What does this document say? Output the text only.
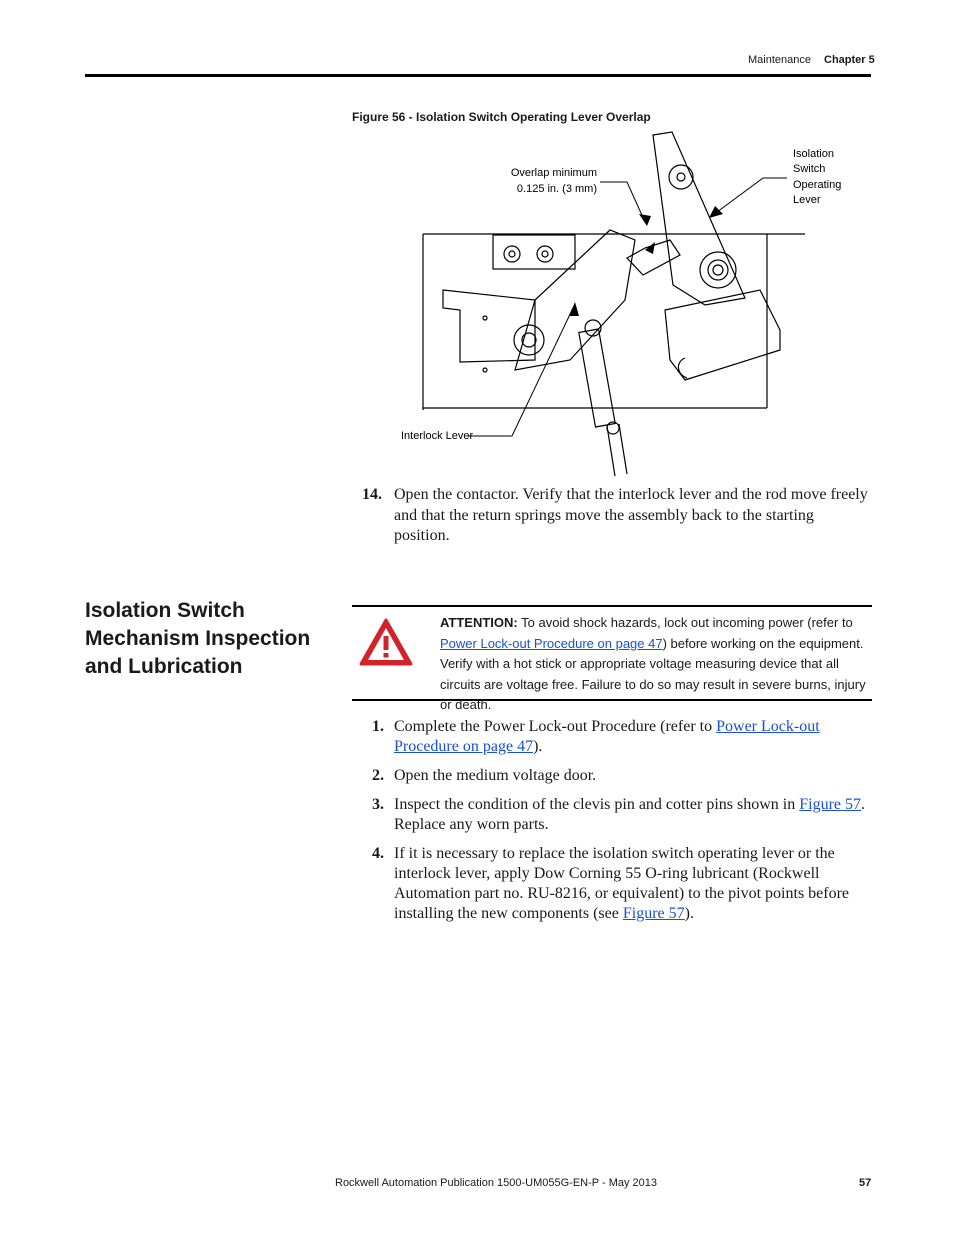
Maintenance Chapter 5
Figure 56 - Isolation Switch Operating Lever Overlap
Overlap minimum
0.125 in. (3 mm)
Isolation
Switch
Operating
Lever
Interlock Lever
14. Open the contactor. Verify that the interlock lever and the rod move freely and that the return springs move the assembly back to the starting position.
Isolation Switch Mechanism Inspection and Lubrication
ATTENTION: To avoid shock hazards, lock out incoming power (refer to Power Lock-out Procedure on page 47) before working on the equipment. Verify with a hot stick or appropriate voltage measuring device that all circuits are voltage free. Failure to do so may result in severe burns, injury or death.
1. Complete the Power Lock-out Procedure (refer to Power Lock-out Procedure on page 47).
2. Open the medium voltage door.
3. Inspect the condition of the clevis pin and cotter pins shown in Figure 57. Replace any worn parts.
4. If it is necessary to replace the isolation switch operating lever or the interlock lever, apply Dow Corning 55 O-ring lubricant (Rockwell Automation part no. RU-8216, or equivalent) to the pivot points before installing the new components (see Figure 57).
Rockwell Automation Publication 1500-UM055G-EN-P - May 2013	57
